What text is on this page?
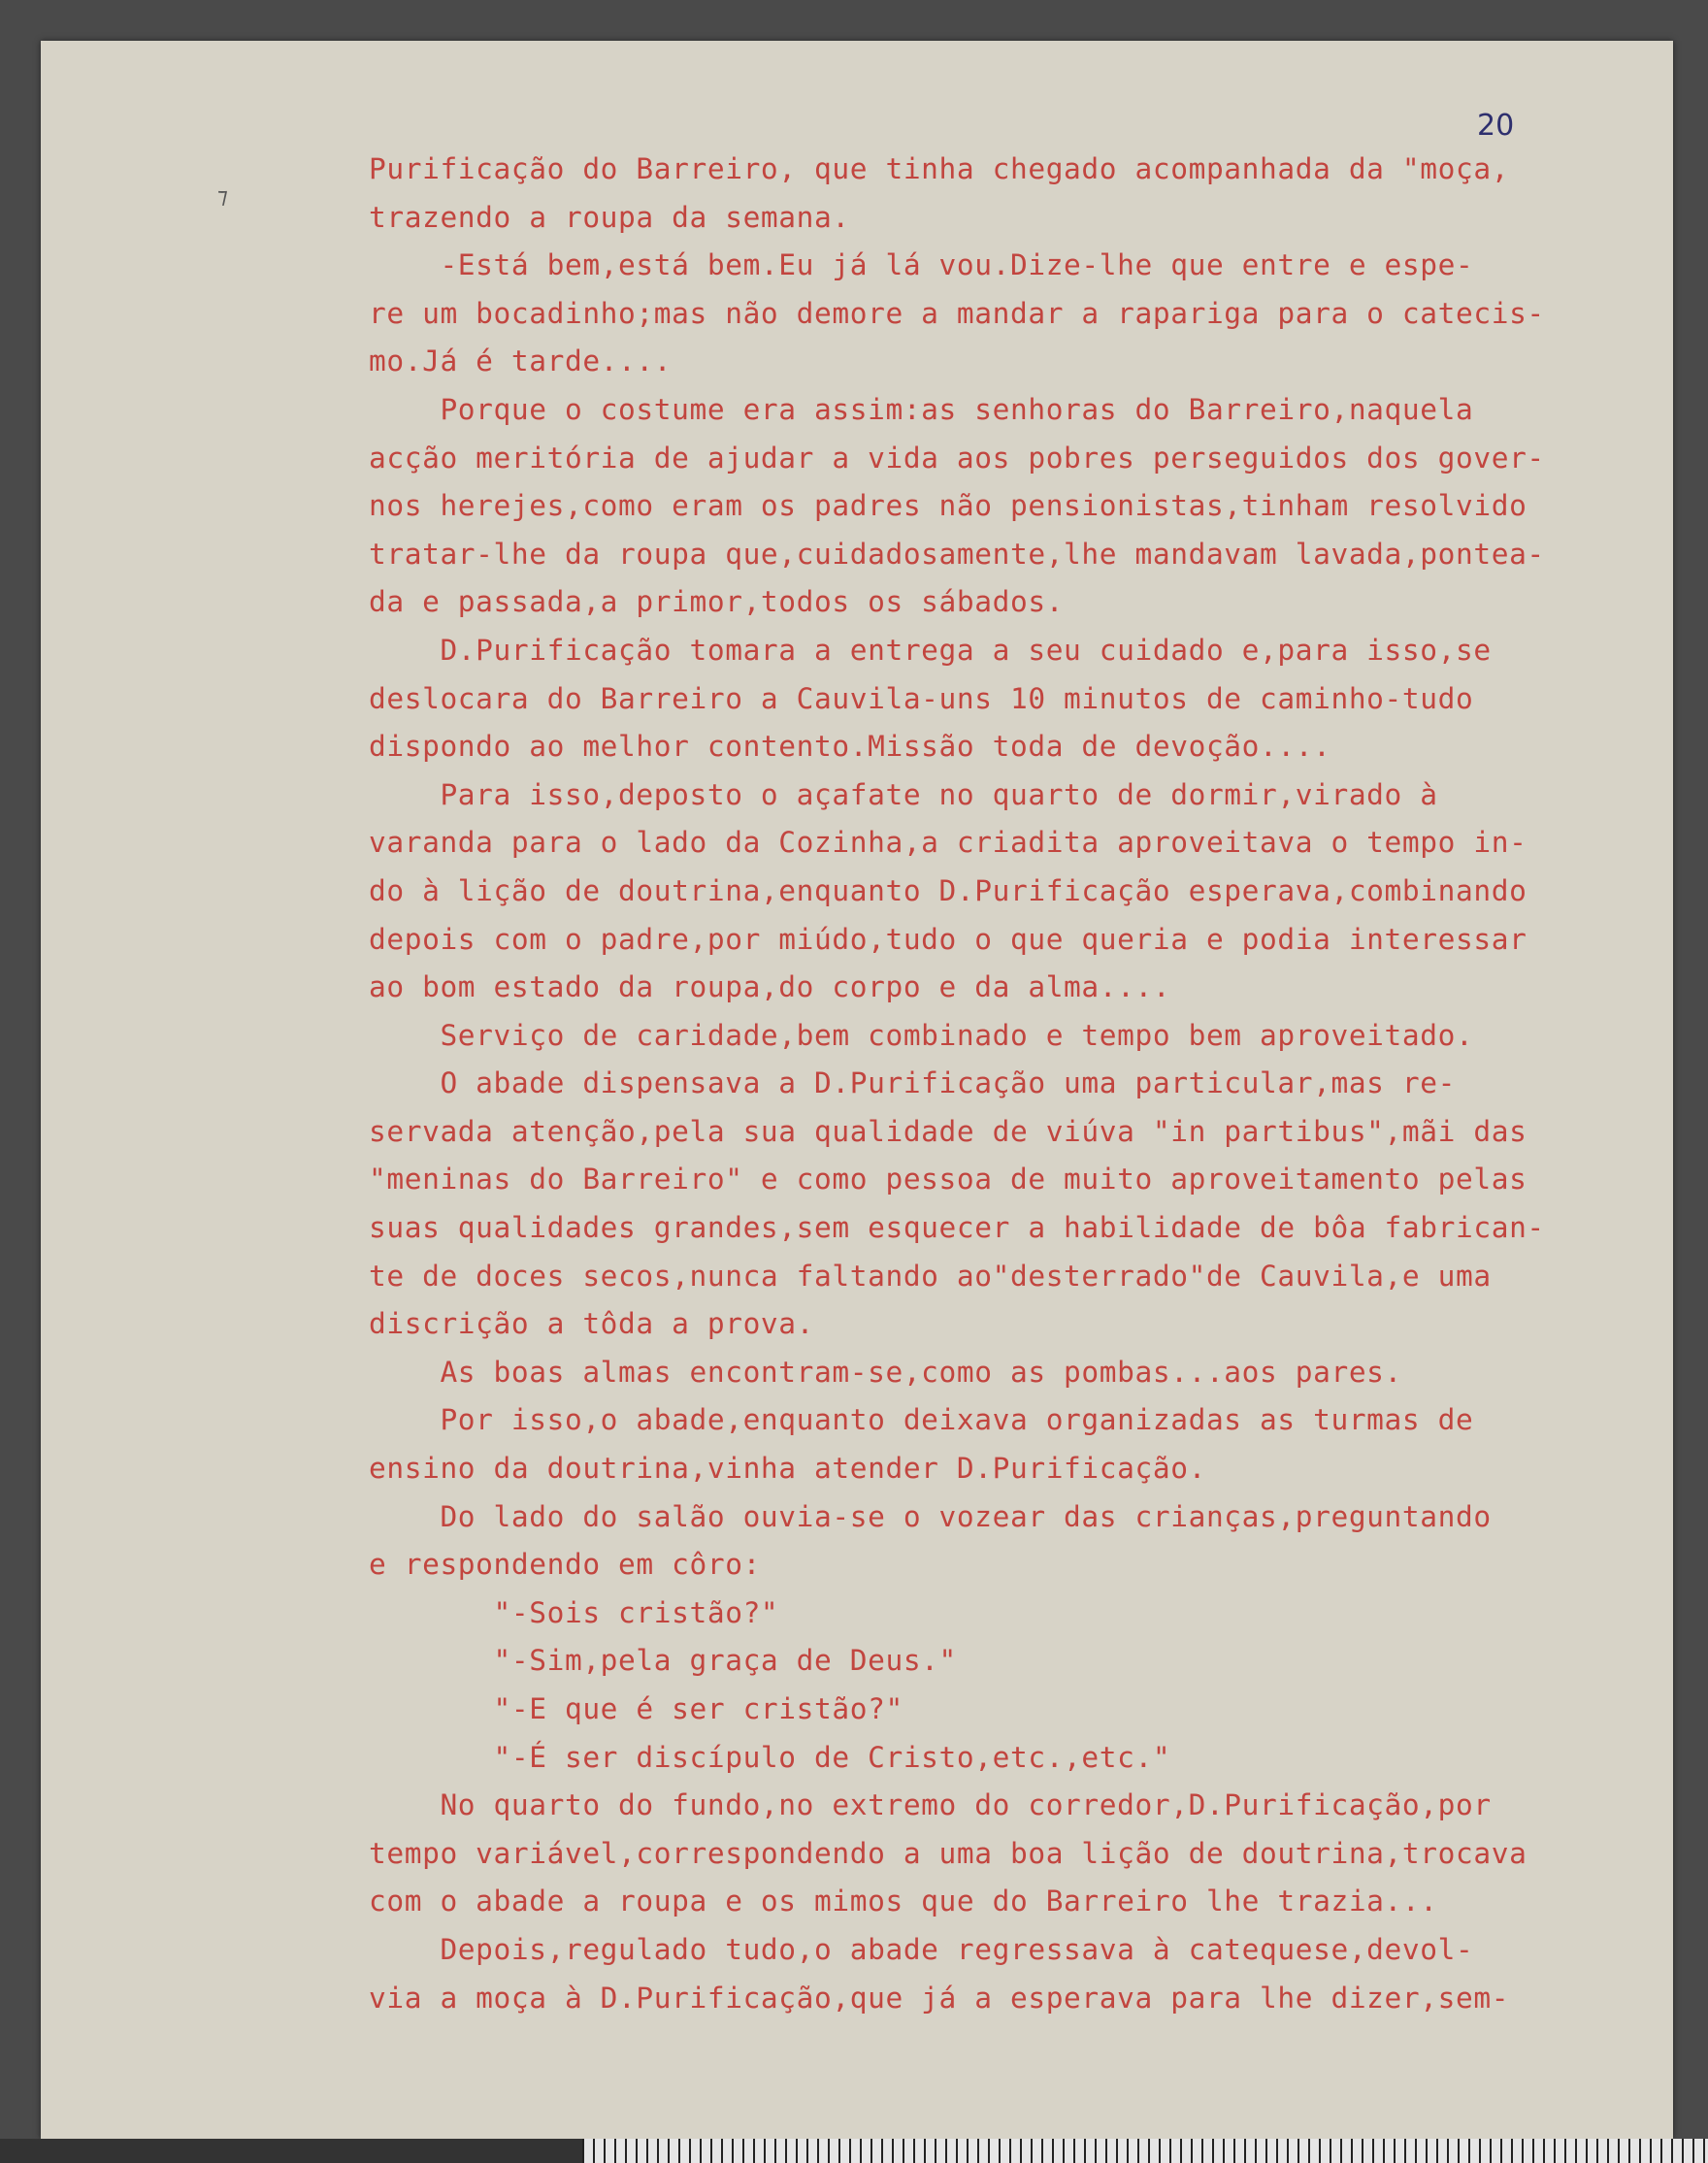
20
⁊
Purificação do Barreiro, que tinha chegado acompanhada da "moça,
trazendo a roupa da semana.
-Está bem,está bem.Eu já lá vou.Dize-lhe que entre e espe-
re um bocadinho;mas não demore a mandar a rapariga para o catecis-
mo.Já é tarde....
Porque o costume era assim:as senhoras do Barreiro,naquela
acção meritória de ajudar a vida aos pobres perseguidos dos gover-
nos herejes,como eram os padres não pensionistas,tinham resolvido
tratar-lhe da roupa que,cuidadosamente,lhe mandavam lavada,pontea-
da e passada,a primor,todos os sábados.
D.Purificação tomara a entrega a seu cuidado e,para isso,se
deslocara do Barreiro a Cauvila-uns 10 minutos de caminho-tudo
dispondo ao melhor contento.Missão toda de devoção....
Para isso,deposto o açafate no quarto de dormir,virado à
varanda para o lado da Cozinha,a criadita aproveitava o tempo in-
do à lição de doutrina,enquanto D.Purificação esperava,combinando
depois com o padre,por miúdo,tudo o que queria e podia interessar
ao bom estado da roupa,do corpo e da alma....
Serviço de caridade,bem combinado e tempo bem aproveitado.
O abade dispensava a D.Purificação uma particular,mas re-
servada atenção,pela sua qualidade de viúva "in partibus",mãi das
"meninas do Barreiro" e como pessoa de muito aproveitamento pelas
suas qualidades grandes,sem esquecer a habilidade de bôa fabrican-
te de doces secos,nunca faltando ao"desterrado"de Cauvila,e uma
discrição a tôda a prova.
As boas almas encontram-se,como as pombas...aos pares.
Por isso,o abade,enquanto deixava organizadas as turmas de
ensino da doutrina,vinha atender D.Purificação.
Do lado do salão ouvia-se o vozear das crianças,preguntando
e respondendo em côro:
"-Sois cristão?"
"-Sim,pela graça de Deus."
"-E que é ser cristão?"
"-É ser discípulo de Cristo,etc.,etc."
No quarto do fundo,no extremo do corredor,D.Purificação,por
tempo variável,correspondendo a uma boa lição de doutrina,trocava
com o abade a roupa e os mimos que do Barreiro lhe trazia...
Depois,regulado tudo,o abade regressava à catequese,devol-
via a moça à D.Purificação,que já a esperava para lhe dizer,sem-
